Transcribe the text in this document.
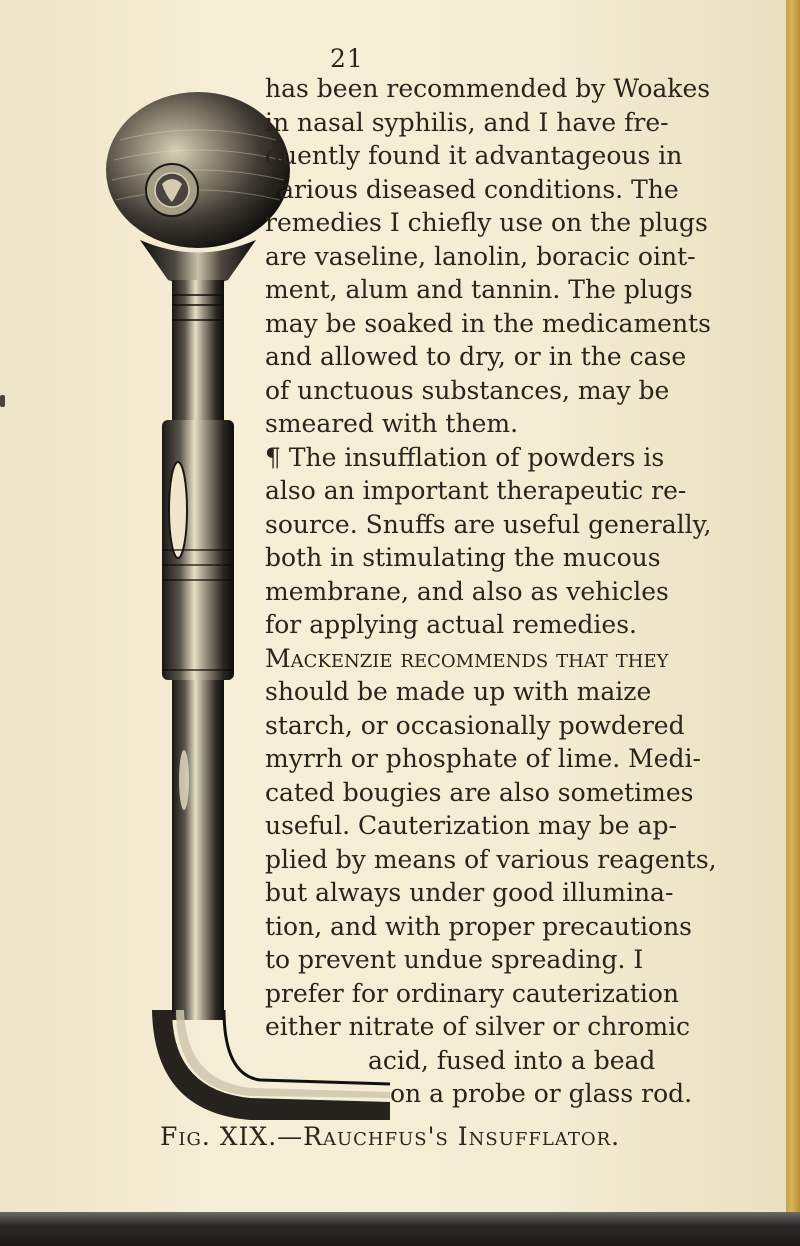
21
has been recommended by Woakes
in nasal syphilis, and I have fre-
quently found it advantageous in
various diseased conditions. The
remedies I chiefly use on the plugs
are vaseline, lanolin, boracic oint-
ment, alum and tannin. The plugs
may be soaked in the medicaments
and allowed to dry, or in the case
of unctuous substances, may be
smeared with them.
¶ The insufflation of powders is
also an important therapeutic re-
source. Snuffs are useful generally,
both in stimulating the mucous
membrane, and also as vehicles
for applying actual remedies.
Mackenzie recommends that they
should be made up with maize
starch, or occasionally powdered
myrrh or phosphate of lime. Medi-
cated bougies are also sometimes
useful. Cauterization may be ap-
plied by means of various reagents,
but always under good illumina-
tion, and with proper precautions
to prevent undue spreading. I
prefer for ordinary cauterization
either nitrate of silver or chromic
acid, fused into a bead
on a probe or glass rod.
Fig. XIX.—Rauchfus's Insufflator.
